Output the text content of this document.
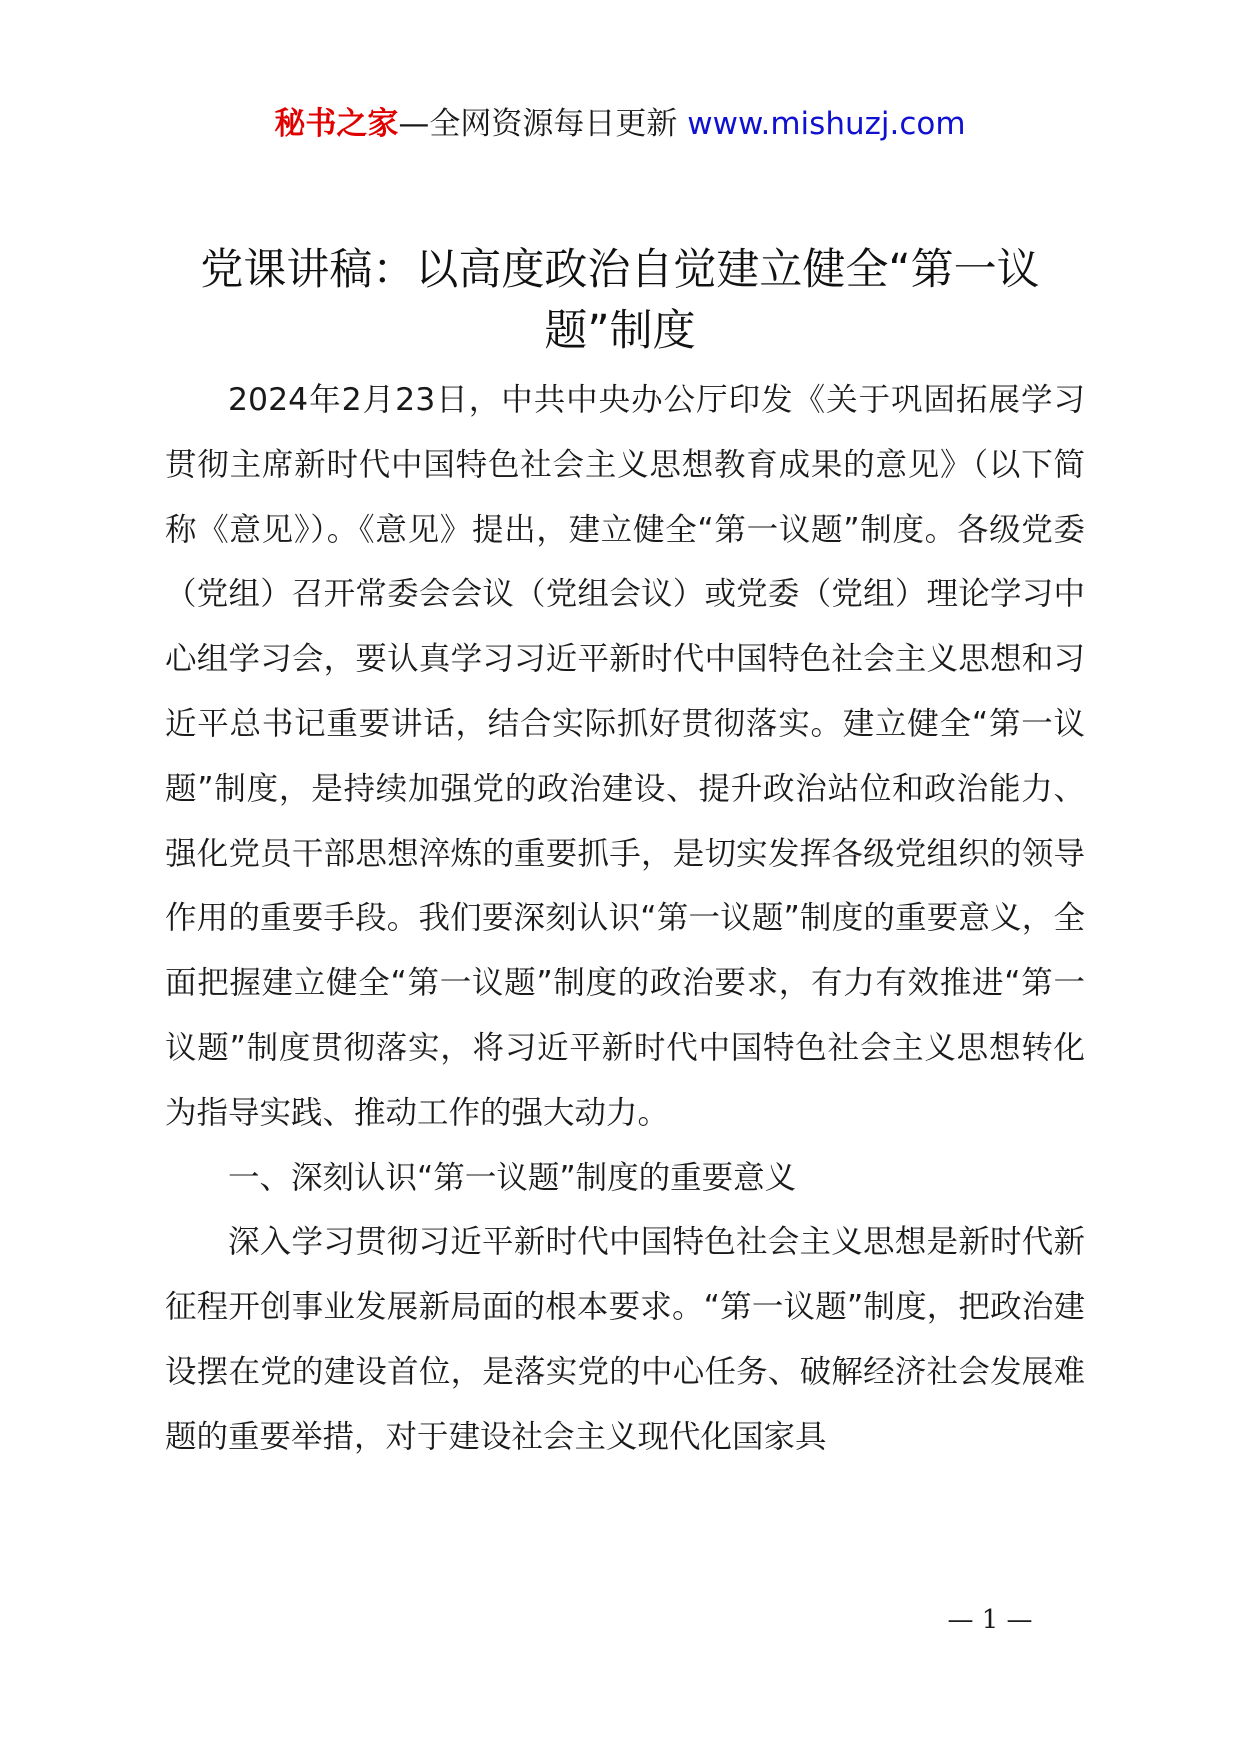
秘书之家—全网资源每日更新 www.mishuzj.com
党课讲稿：以高度政治自觉建立健全“第一议题”制度

2024年2月23日，中共中央办公厅印发《关于巩固拓展学习贯彻主席新时代中国特色社会主义思想教育成果的意见》（以下简称《意见》）。《意见》提出，建立健全“第一议题”制度。各级党委（党组）召开常委会会议（党组会议）或党委（党组）理论学习中心组学习会，要认真学习习近平新时代中国特色社会主义思想和习近平总书记重要讲话，结合实际抓好贯彻落实。建立健全“第一议题”制度，是持续加强党的政治建设、提升政治站位和政治能力、强化党员干部思想淬炼的重要抓手，是切实发挥各级党组织的领导作用的重要手段。我们要深刻认识“第一议题”制度的重要意义，全面把握建立健全“第一议题”制度的政治要求，有力有效推进“第一议题”制度贯彻落实，将习近平新时代中国特色社会主义思想转化为指导实践、推动工作的强大动力。

一、深刻认识“第一议题”制度的重要意义

深入学习贯彻习近平新时代中国特色社会主义思想是新时代新征程开创事业发展新局面的根本要求。“第一议题”制度，把政治建设摆在党的建设首位，是落实党的中心任务、破解经济社会发展难题的重要举措，对于建设社会主义现代化国家具

— 1 —
